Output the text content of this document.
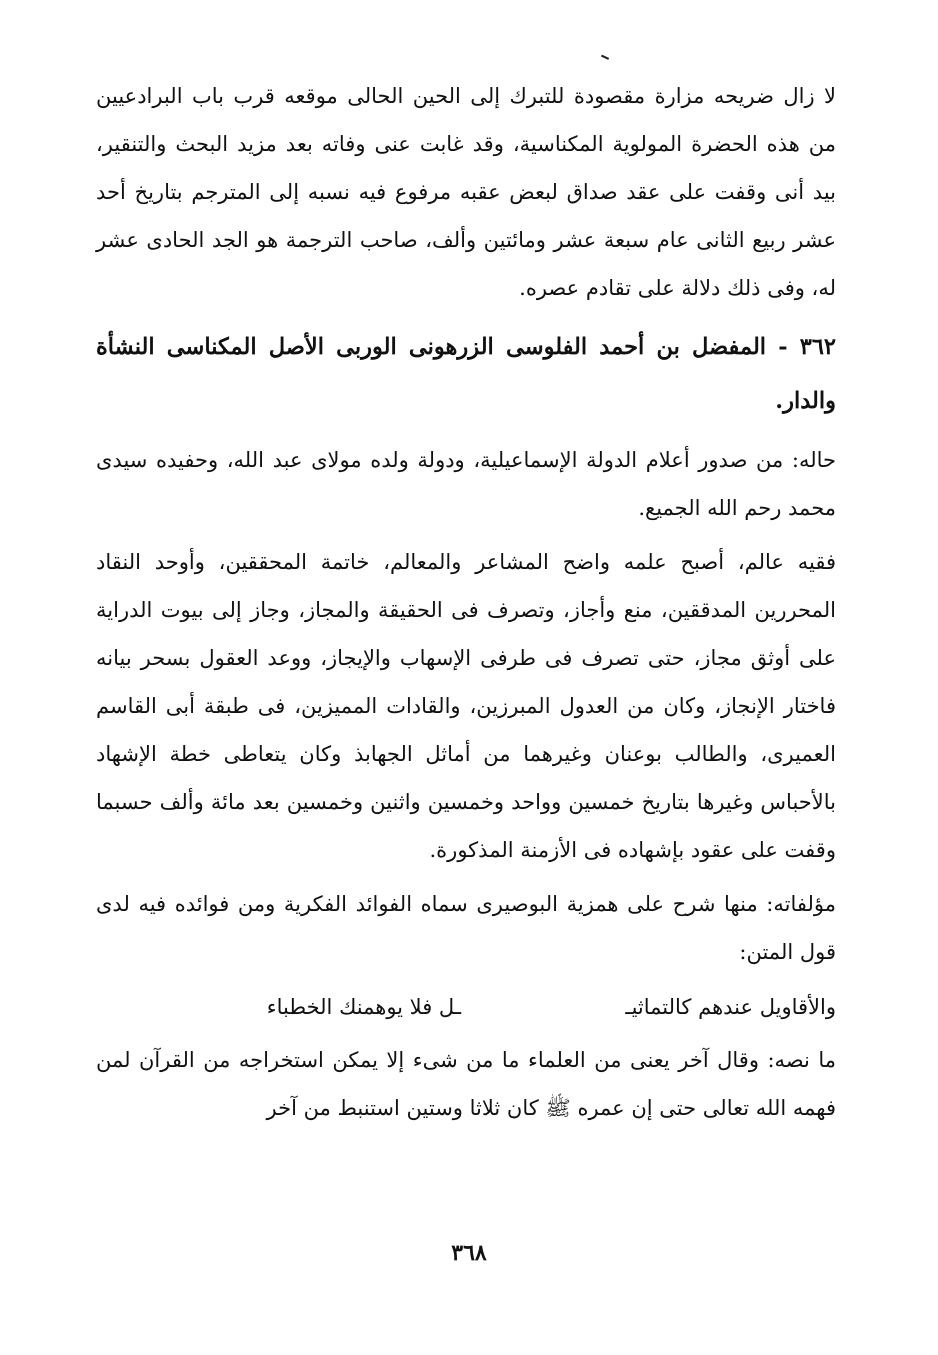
لا زال ضريحه مزارة مقصودة للتبرك إلى الحين الحالى موقعه قرب باب البرادعيين من هذه الحضرة المولوية المكناسية، وقد غابت عنى وفاته بعد مزيد البحث والتنقير، بيد أنى وقفت على عقد صداق لبعض عقبه مرفوع فيه نسبه إلى المترجم بتاريخ أحد عشر ربيع الثانى عام سبعة عشر ومائتين وألف، صاحب الترجمة هو الجد الحادى عشر له، وفى ذلك دلالة على تقادم عصره.

٣٦٢ - المفضل بن أحمد الفلوسى الزرهونى الوربى الأصل المكناسى النشأة والدار.

حاله: من صدور أعلام الدولة الإسماعيلية، ودولة ولده مولاى عبد الله، وحفيده سيدى محمد رحم الله الجميع.

فقيه عالم، أصبح علمه واضح المشاعر والمعالم، خاتمة المحققين، وأوحد النقاد المحررين المدققين، منع وأجاز، وتصرف فى الحقيقة والمجاز، وجاز إلى بيوت الدراية على أوثق مجاز، حتى تصرف فى طرفى الإسهاب والإيجاز، ووعد العقول بسحر بيانه فاختار الإنجاز، وكان من العدول المبرزين، والقادات المميزين، فى طبقة أبى القاسم العميرى، والطالب بوعنان وغيرهما من أماثل الجهابذ وكان يتعاطى خطة الإشهاد بالأحباس وغيرها بتاريخ خمسين وواحد وخمسين واثنين وخمسين بعد مائة وألف حسبما وقفت على عقود بإشهاده فى الأزمنة المذكورة.

مؤلفاته: منها شرح على همزية البوصيرى سماه الفوائد الفكرية ومن فوائده فيه لدى قول المتن:

والأقاويل عندهم كالتماثيـ
ـل فلا يوهمنك الخطباء

ما نصه: وقال آخر يعنى من العلماء ما من شىء إلا يمكن استخراجه من القرآن لمن فهمه الله تعالى حتى إن عمره ﷺ كان ثلاثا وستين استنبط من آخر

٣٦٨
